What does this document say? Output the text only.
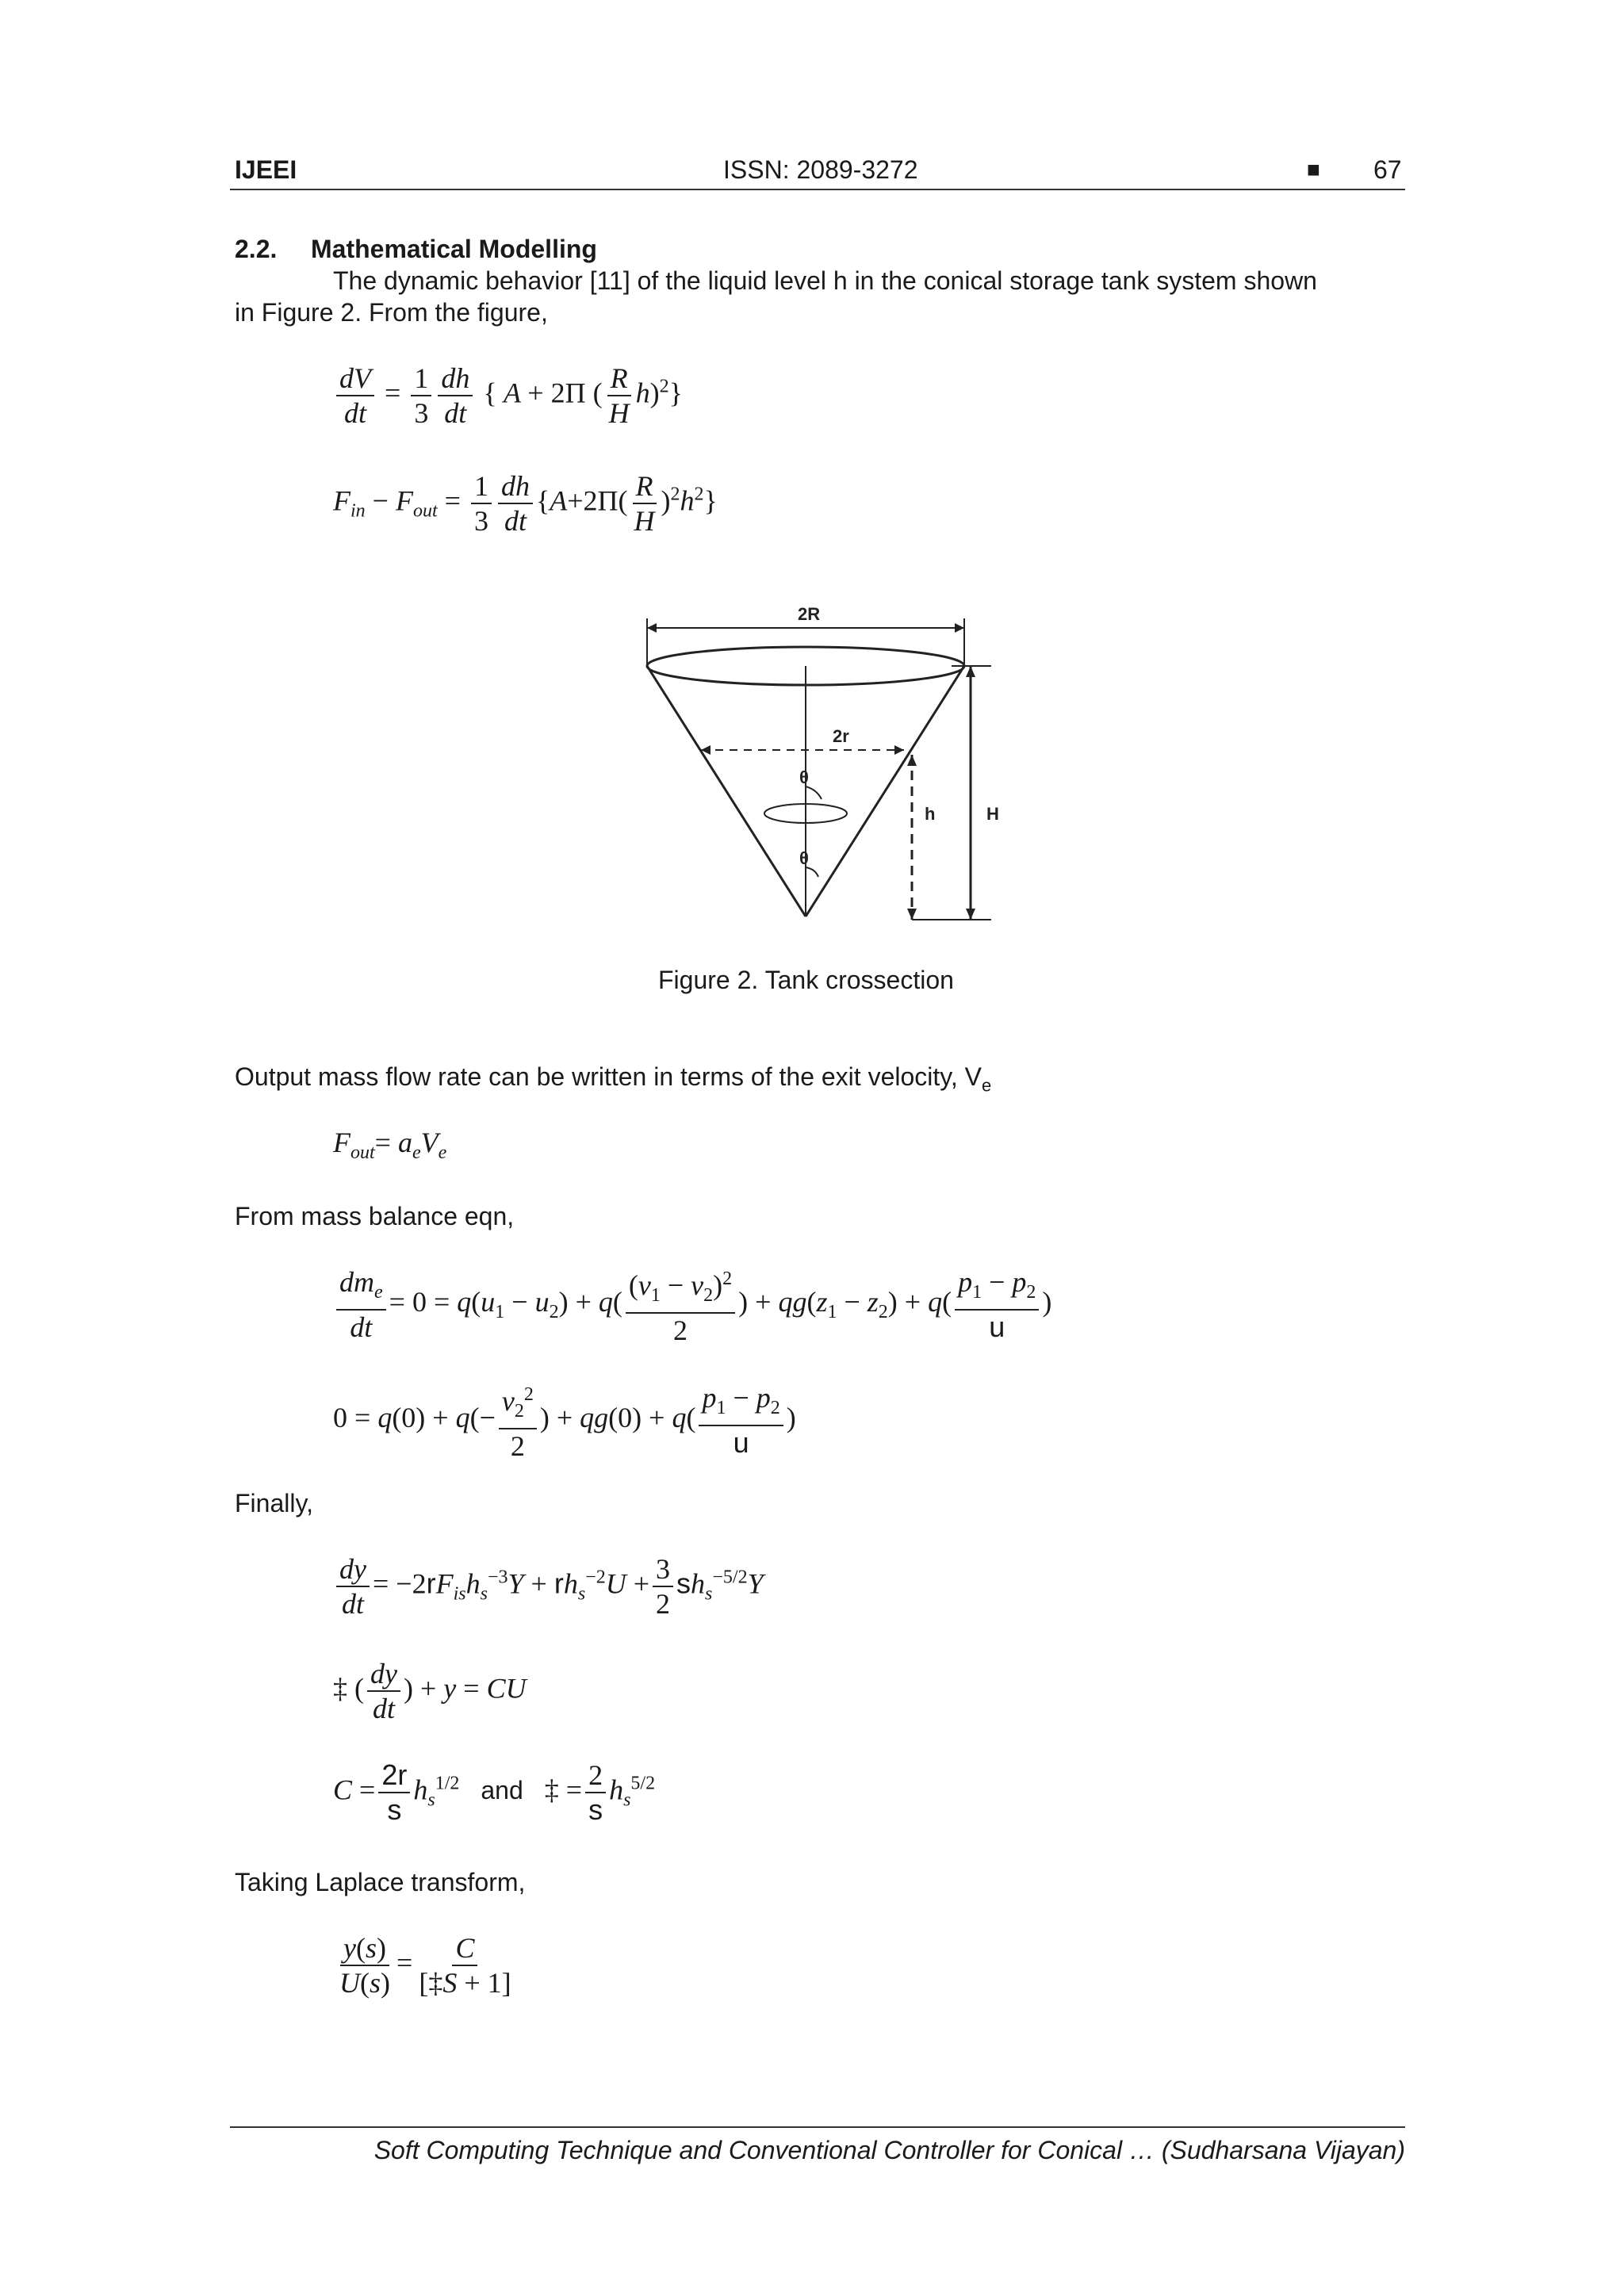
IJEEI	ISSN: 2089-3272	■ 67
2.2. Mathematical Modelling
The dynamic behavior [11] of the liquid level h in the conical storage tank system shown
in Figure 2. From the figure,
$\frac{dV}{dt} = \frac{1}{3} \frac{dh}{dt}$ { A + 2Π ( $\frac{R}{H} h)^2$}
$F_{in} - F_{out} = \frac{1}{3} \frac{dh}{dt} \{A+2\Pi( \frac{R}{H} )^2h^2\}$
2R
2r
θ
θ
h	H
Figure 2. Tank crossection
Output mass flow rate can be written in terms of the exit velocity, $V_e$
$F_{out}= a_eV_e$
From mass balance eqn,
$\frac{dm_e}{dt} = 0 = q(u_1 - u_2) + q( \frac{(v_1 - v_2)^2}{2}$ ) + $qg(z_1 - z_2) + q( \frac{p_1 - p_2}{u}$ )
$0 = q(0) + q(- \frac{v_2^2}{2}$ ) + $qg(0) + q( \frac{p_1 - p_2}{u}$ )
Finally,
$\frac{dy}{dt} = -2rF_{is}h_s^{-3}Y + rh_s^{-2}U + \frac{3}{2} sh_s^{-5/2}Y$
‡ ( $\frac{dy}{dt}$ ) + y = CU
$C = \frac{2r}{s} h_s^{1/2}$ and ‡ = $\frac{2}{s} h_s^{5/2}$
Taking Laplace transform,
$\frac{y(s)}{U(s)} = \frac{C}{[\ddagger S + 1]}$
Soft Computing Technique and Conventional Controller for Conical … (Sudharsana Vijayan)
